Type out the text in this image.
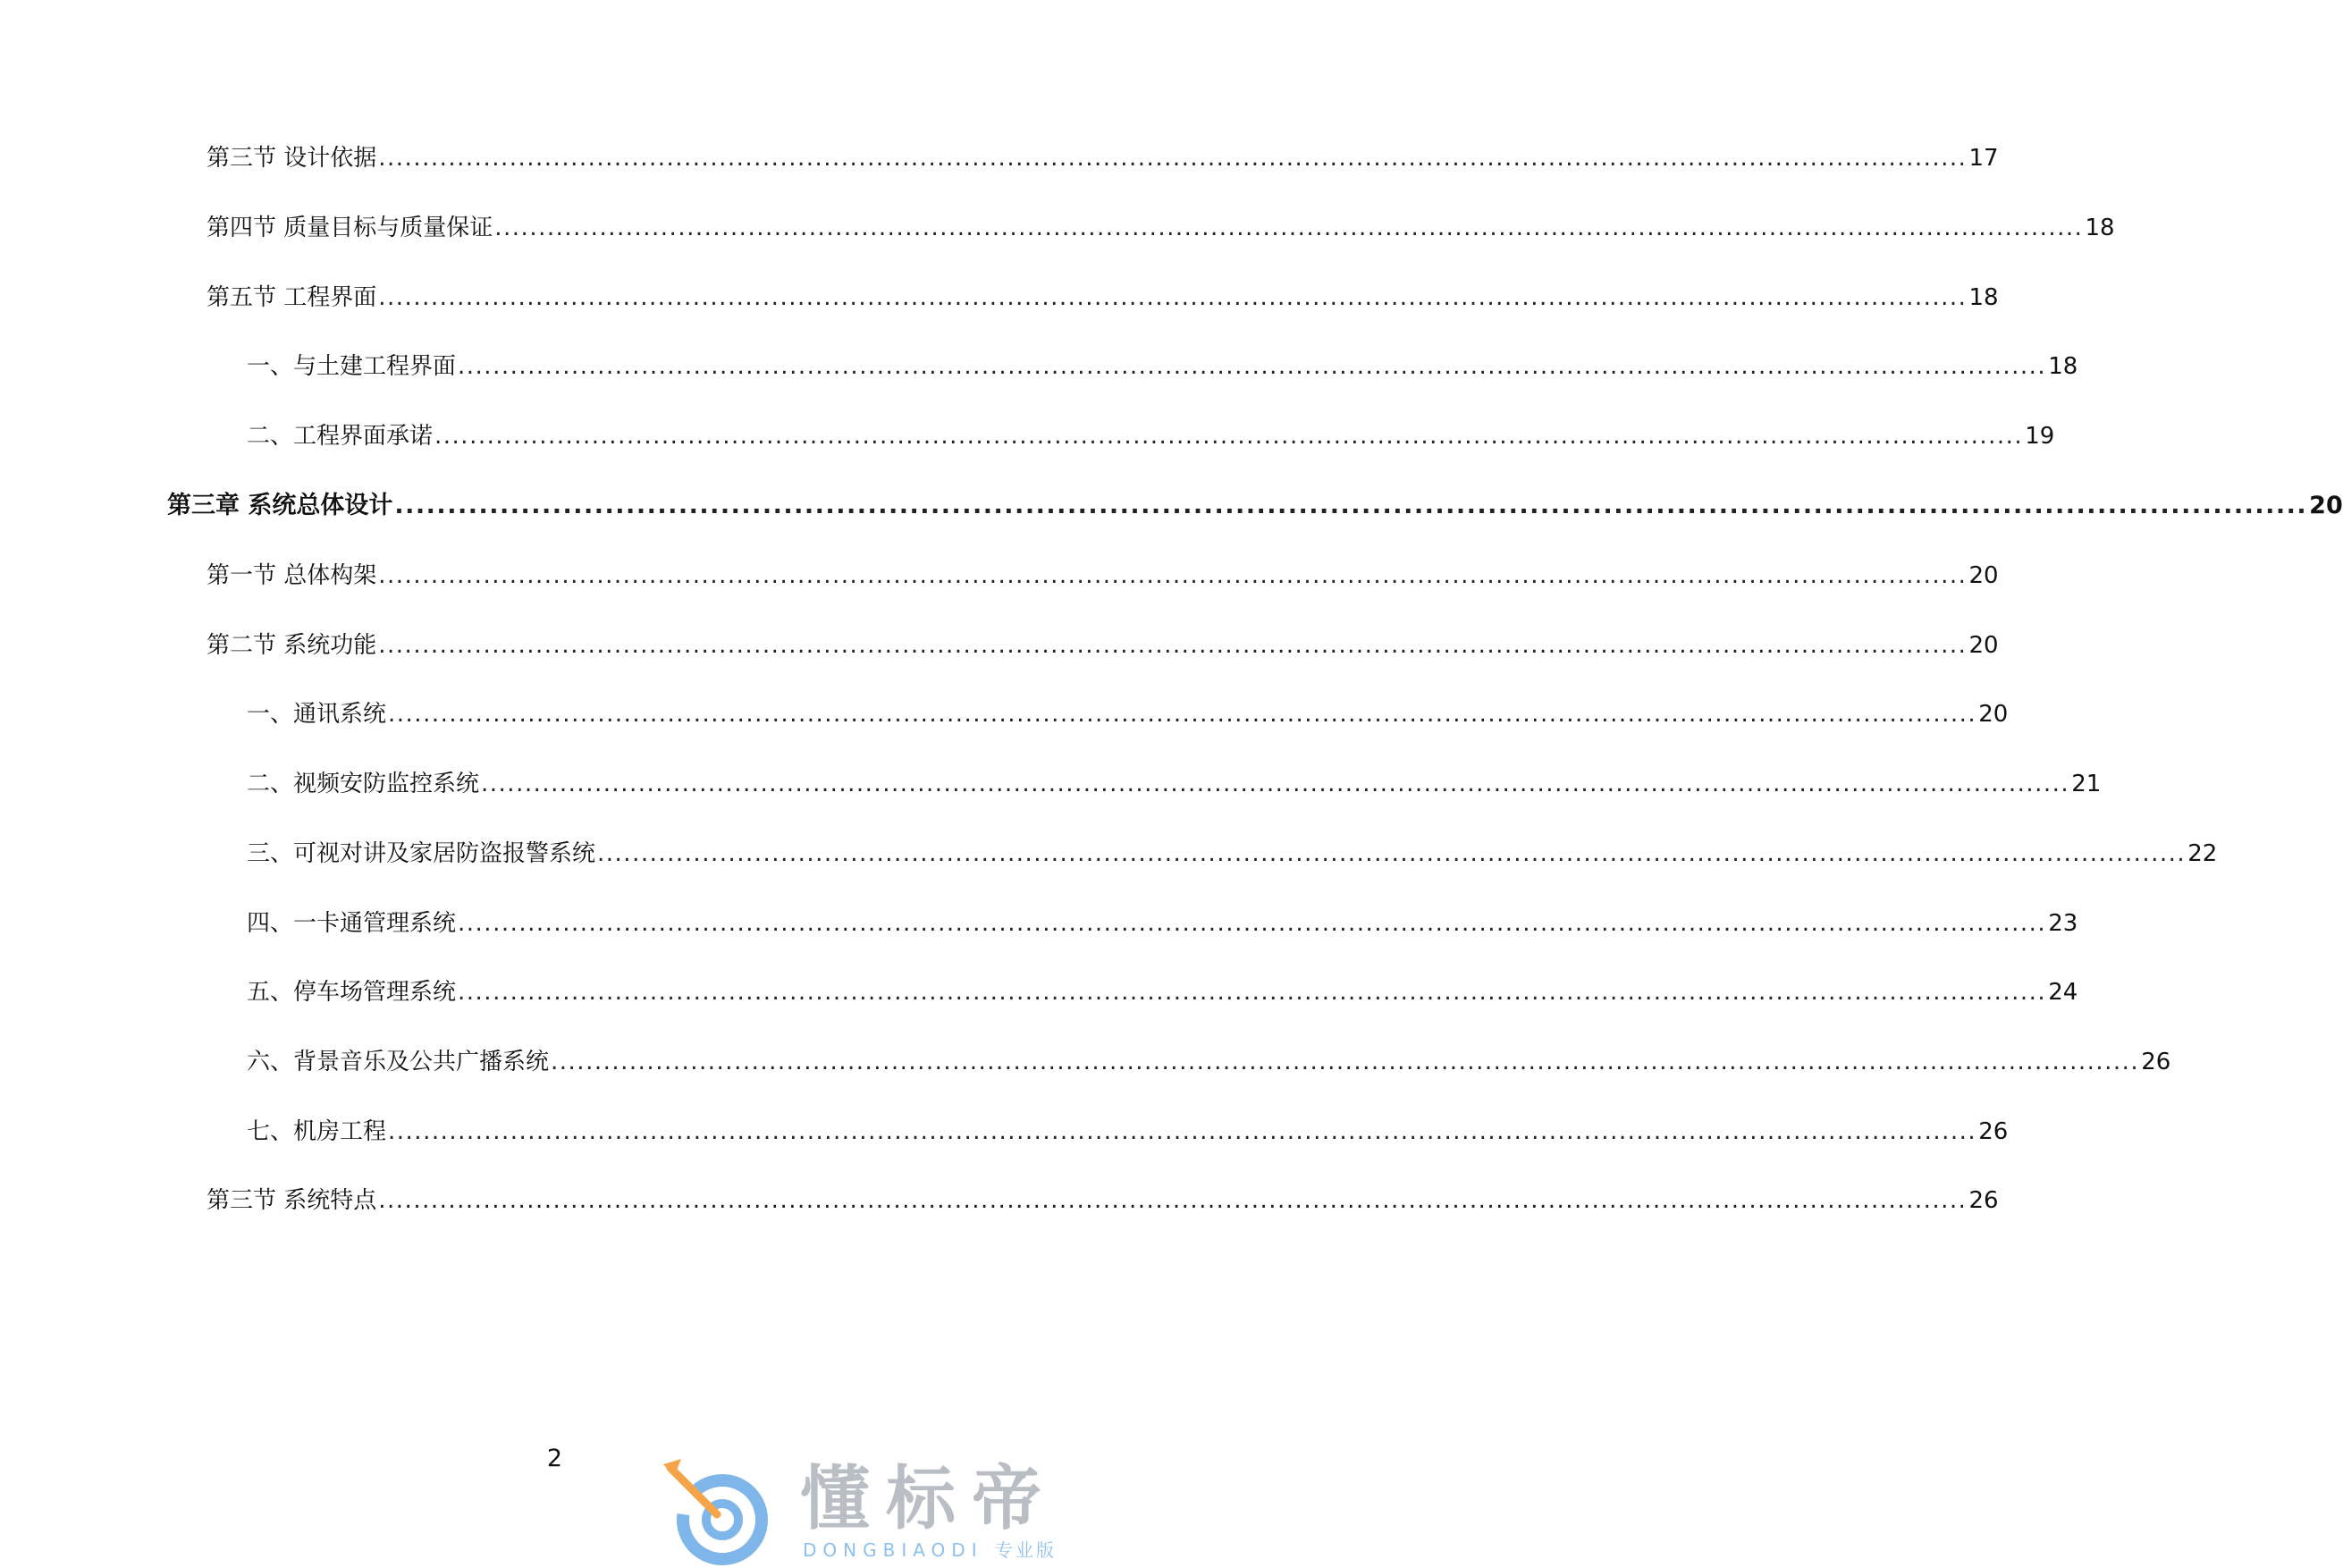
第三节 设计依据 ...................................................................................................................................................................................... 17
第四节 质量目标与质量保证 ...................................................................................................................................................................................... 18
第五节 工程界面 ...................................................................................................................................................................................... 18
一、与土建工程界面 ...................................................................................................................................................................................... 18
二、工程界面承诺 ...................................................................................................................................................................................... 19
第三章 系统总体设计 ...................................................................................................................................................................................... 20
第一节 总体构架 ...................................................................................................................................................................................... 20
第二节 系统功能 ...................................................................................................................................................................................... 20
一、通讯系统 ...................................................................................................................................................................................... 20
二、视频安防监控系统 ...................................................................................................................................................................................... 21
三、可视对讲及家居防盗报警系统 ...................................................................................................................................................................................... 22
四、一卡通管理系统 ...................................................................................................................................................................................... 23
五、停车场管理系统 ...................................................................................................................................................................................... 24
六、背景音乐及公共广播系统 ...................................................................................................................................................................................... 26
七、机房工程 ...................................................................................................................................................................................... 26
第三节 系统特点 ...................................................................................................................................................................................... 26
2
懂标帝
DONGBIAODI 专业版
